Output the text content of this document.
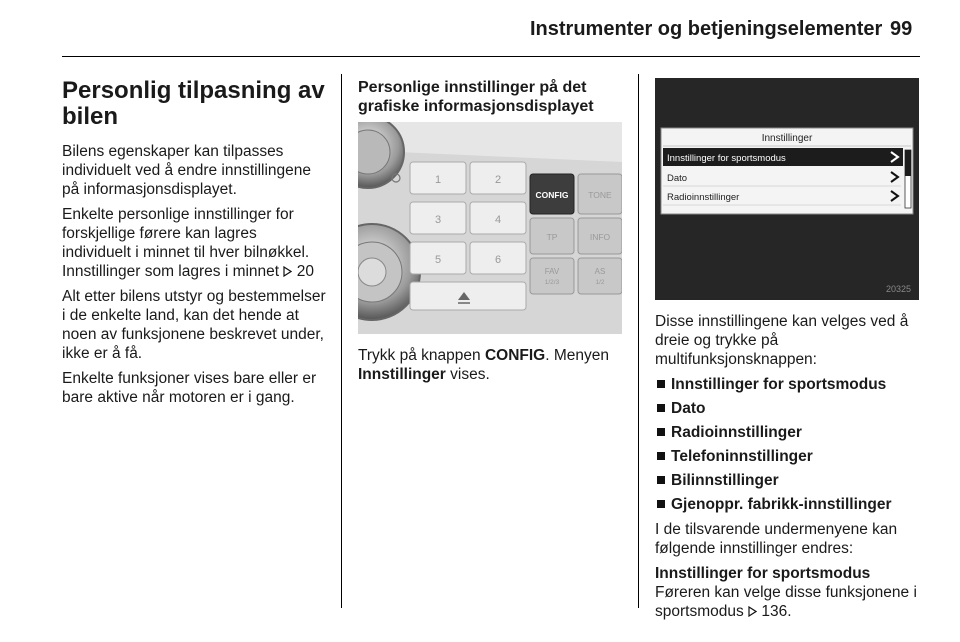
Instrumenter og betjeningselementer 99
Personlig tilpasning av bilen

Bilens egenskaper kan tilpasses individuelt ved å endre innstillingene på informasjonsdisplayet.

Enkelte personlige innstillinger for forskjellige førere kan lagres individuelt i minnet til hver bilnøkkel. Innstillinger som lagres i minnet 20

Alt etter bilens utstyr og bestemmelser i de enkelte land, kan det hende at noen av funksjonene beskrevet under, ikke er å få.

Enkelte funksjoner vises bare eller er bare aktive når motoren er i gang.

Personlige innstillinger på det grafiske informasjonsdisplayet
1	2
3	4
5	6
CONFIG TONE
TP	INFO
FAV
1/2/3
AS
1/2

Trykk på knappen CONFIG. Menyen Innstillinger vises.

Innstillinger
Innstillinger for sportsmodus
Dato
Radioinnstillinger
20325

Disse innstillingene kan velges ved å dreie og trykke på multifunksjonsknappen:

Innstillinger for sportsmodus
Dato
Radioinnstillinger
Telefoninnstillinger
Bilinnstillinger
Gjenoppr. fabrikk-innstillinger

I de tilsvarende undermenyene kan følgende innstillinger endres:

Innstillinger for sportsmodus

Føreren kan velge disse funksjonene i sportsmodus 136.
